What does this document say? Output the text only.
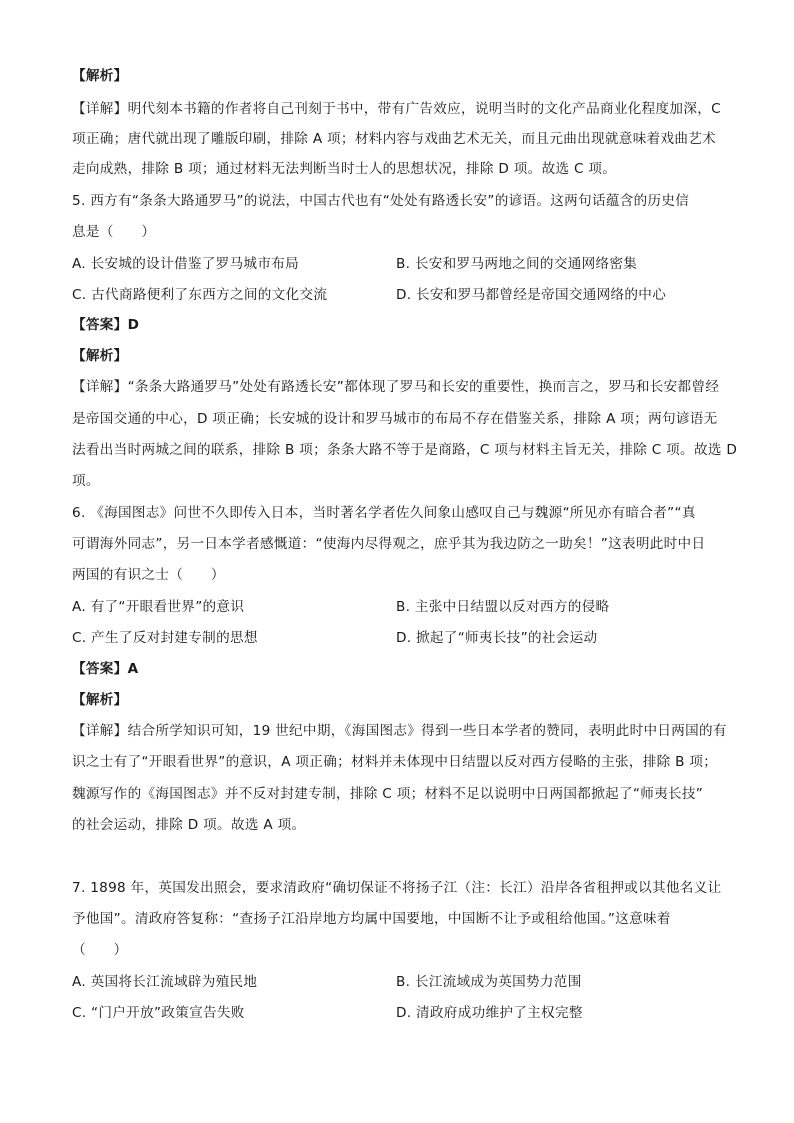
【解析】
【详解】明代刻本书籍的作者将自己刊刻于书中，带有广告效应，说明当时的文化产品商业化程度加深，C
项正确；唐代就出现了雕版印刷，排除 A 项；材料内容与戏曲艺术无关，而且元曲出现就意味着戏曲艺术
走向成熟，排除 B 项；通过材料无法判断当时士人的思想状况，排除 D 项。故选 C 项。
5. 西方有“条条大路通罗马”的说法，中国古代也有“处处有路透长安”的谚语。这两句话蕴含的历史信
息是（　　）
A. 长安城的设计借鉴了罗马城市布局	B. 长安和罗马两地之间的交通网络密集
C. 古代商路便利了东西方之间的文化交流	D. 长安和罗马都曾经是帝国交通网络的中心
【答案】D
【解析】
【详解】“条条大路通罗马”处处有路透长安”都体现了罗马和长安的重要性，换而言之，罗马和长安都曾经
是帝国交通的中心，D 项正确；长安城的设计和罗马城市的布局不存在借鉴关系，排除 A 项；两句谚语无
法看出当时两城之间的联系，排除 B 项；条条大路不等于是商路，C 项与材料主旨无关，排除 C 项。故选 D
项。
6. 《海国图志》问世不久即传入日本，当时著名学者佐久间象山感叹自己与魏源“所见亦有暗合者”“真
可谓海外同志”，另一日本学者感慨道：“使海内尽得观之，庶乎其为我边防之一助矣！”这表明此时中日
两国的有识之士（　　）
A. 有了“开眼看世界”的意识	B. 主张中日结盟以反对西方的侵略
C. 产生了反对封建专制的思想	D. 掀起了“师夷长技”的社会运动
【答案】A
【解析】
【详解】结合所学知识可知，19 世纪中期，《海国图志》得到一些日本学者的赞同，表明此时中日两国的有
识之士有了“开眼看世界”的意识，A 项正确；材料并未体现中日结盟以反对西方侵略的主张，排除 B 项；
魏源写作的《海国图志》并不反对封建专制，排除 C 项；材料不足以说明中日两国都掀起了“师夷长技”
的社会运动，排除 D 项。故选 A 项。
7. 1898 年，英国发出照会，要求清政府“确切保证不将扬子江（注：长江）沿岸各省租押或以其他名义让
予他国”。清政府答复称：“查扬子江沿岸地方均属中国要地，中国断不让予或租给他国。”这意味着
（　　）
A. 英国将长江流域辟为殖民地	B. 长江流域成为英国势力范围
C. “门户开放”政策宣告失败	D. 清政府成功维护了主权完整
